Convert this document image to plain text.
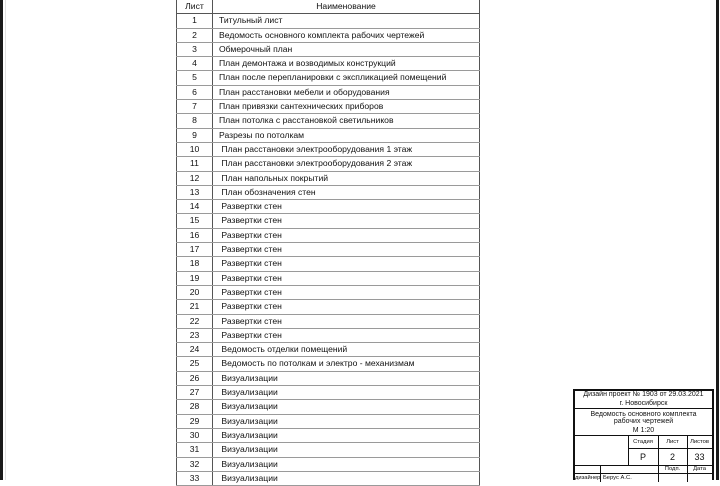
Лист	Наименование
1	Титульный лист
2	Ведомость основного комплекта рабочих чертежей
3	Обмерочный план
4	План демонтажа и возводимых конструкций
5	План после перепланировки с экспликацией помещений
6	План расстановки мебели и оборудования
7	План привязки сантехнических приборов
8	План потолка с расстановкой светильников
9	Разрезы по потолкам
10	План расстановки электрооборудования 1 этаж
11	План расстановки электрооборудования 2 этаж
12	План напольных покрытий
13	План обозначения стен
14	Развертки стен
15	Развертки стен
16	Развертки стен
17	Развертки стен
18	Развертки стен
19	Развертки стен
20	Развертки стен
21	Развертки стен
22	Развертки стен
23	Развертки стен
24	Ведомость отделки помещений
25	Ведомость по потолкам и электро - механизмам
26	Визуализации
27	Визуализации
28	Визуализации
29	Визуализации
30	Визуализации
31	Визуализации
32	Визуализации
33	Визуализации
Дизайн проект № 1903 от 29.03.2021
г. Новосибирск
Ведомость основного комплекта рабочих чертежей
М 1:20
Стадия	Лист	Листов
Р	2	33
Подп.	Дата
дизайнер Берус А.С.
